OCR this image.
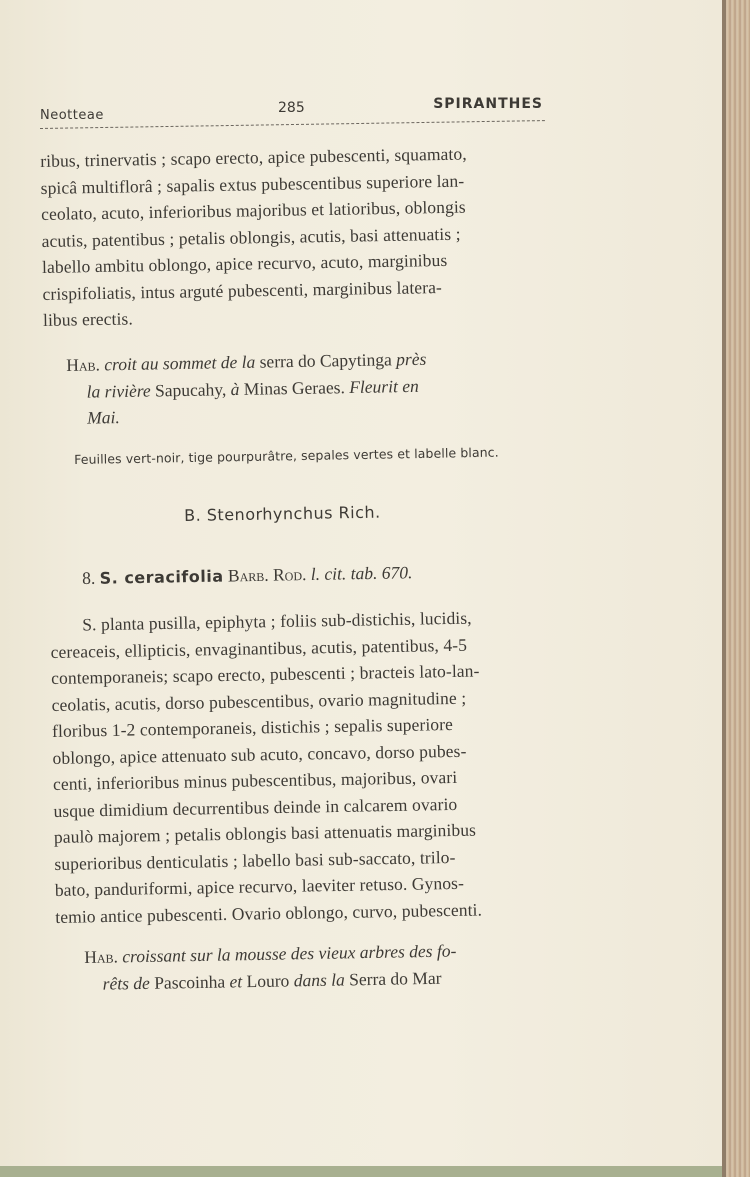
Neotteae	285	SPIRANTHES
ribus, trinervatis ; scapo erecto, apice pubescenti, squamato,
spicâ multiflorâ ; sapalis extus pubescentibus superiore lan-
ceolato, acuto, inferioribus majoribus et latioribus, oblongis
acutis, patentibus ; petalis oblongis, acutis, basi attenuatis ;
labello ambitu oblongo, apice recurvo, acuto, marginibus
crispifoliatis, intus arguté pubescenti, marginibus latera-
libus erectis.
Hab. croit au sommet de la serra do Capytinga près
la rivière Sapucahy, à Minas Geraes. Fleurit en
Mai.
Feuilles vert-noir, tige pourpurâtre, sepales vertes et labelle blanc.
B. Stenorhynchus Rich.
8. S. ceracifolia Barb. Rod. l. cit. tab. 670.
S. planta pusilla, epiphyta ; foliis sub-distichis, lucidis,
cereaceis, ellipticis, envaginantibus, acutis, patentibus, 4-5
contemporaneis; scapo erecto, pubescenti ; bracteis lato-lan-
ceolatis, acutis, dorso pubescentibus, ovario magnitudine ;
floribus 1-2 contemporaneis, distichis ; sepalis superiore
oblongo, apice attenuato sub acuto, concavo, dorso pubes-
centi, inferioribus minus pubescentibus, majoribus, ovari
usque dimidium decurrentibus deinde in calcarem ovario
paulò majorem ; petalis oblongis basi attenuatis marginibus
superioribus denticulatis ; labello basi sub-saccato, trilo-
bato, panduriformi, apice recurvo, laeviter retuso. Gynos-
temio antice pubescenti. Ovario oblongo, curvo, pubescenti.
Hab. croissant sur la mousse des vieux arbres des fo-
rêts de Pascoinha et Louro dans la Serra do Mar
